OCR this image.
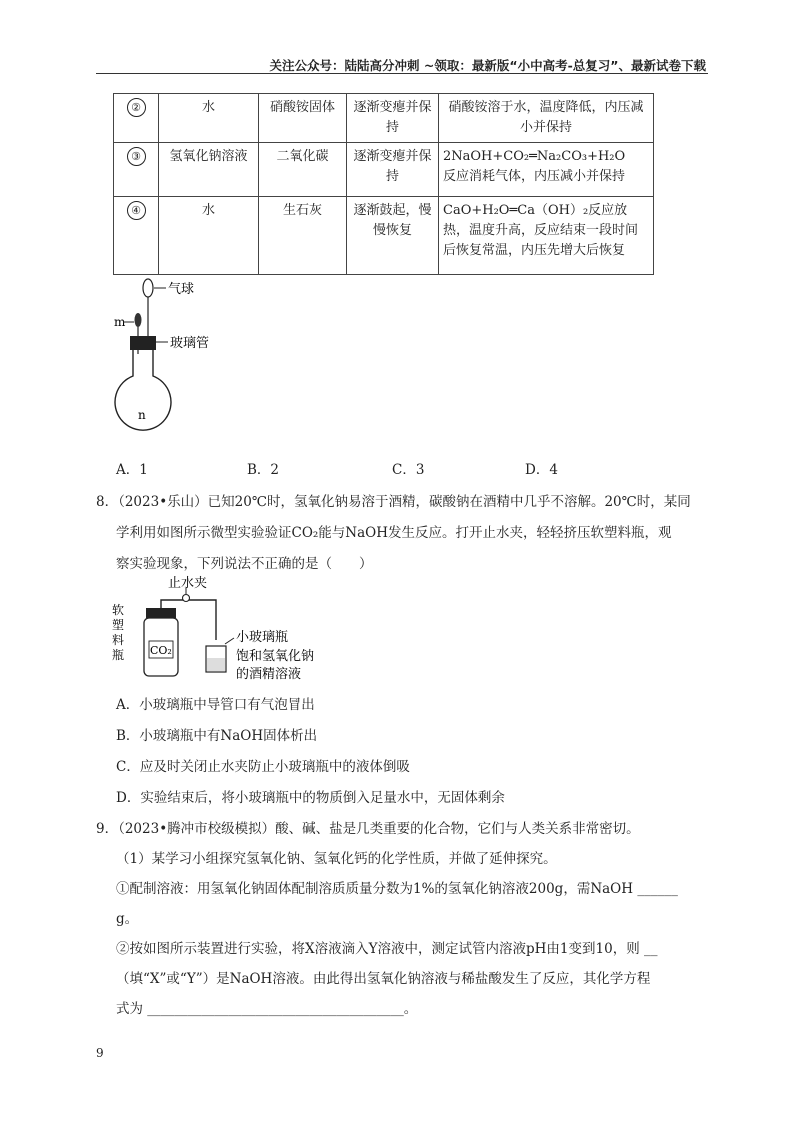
关注公众号：陆陆高分冲刺 ~领取：最新版“小中高考-总复习”、最新试卷下载
②	水	硝酸铵固体	逐渐变瘪并保持	硝酸铵溶于水，温度降低，内压减小并保持
③	氢氧化钠溶液	二氧化碳	逐渐变瘪并保持	2NaOH+CO₂═Na₂CO₃+H₂O
反应消耗气体，内压减小并保持

④	水	生石灰	逐渐鼓起，慢慢恢复	CaO+H₂O═Ca（OH）₂反应放热，温度升高，反应结束一段时间后恢复常温，内压先增大后恢复
气球
m
玻璃管
n
A．1	B．2	C．3	D．4
8．（2023•乐山）已知20℃时，氢氧化钠易溶于酒精，碳酸钠在酒精中几乎不溶解。20℃时，某同
学利用如图所示微型实验验证CO₂能与NaOH发生反应。打开止水夹，轻轻挤压软塑料瓶，观
察实验现象，下列说法不正确的是（　　）
止水夹
软
塑
料
瓶 CO₂
小玻璃瓶
饱和氢氧化钠
的酒精溶液
A．小玻璃瓶中导管口有气泡冒出
B．小玻璃瓶中有NaOH固体析出
C．应及时关闭止水夹防止小玻璃瓶中的液体倒吸
D．实验结束后，将小玻璃瓶中的物质倒入足量水中，无固体剩余
9．（2023•腾冲市校级模拟）酸、碱、盐是几类重要的化合物，它们与人类关系非常密切。
（1）某学习小组探究氢氧化钠、氢氧化钙的化学性质，并做了延伸探究。
①配制溶液：用氢氧化钠固体配制溶质质量分数为1%的氢氧化钠溶液200g，需NaOH ______
g。
②按如图所示装置进行实验，将X溶液滴入Y溶液中，测定试管内溶液pH由1变到10，则 __
（填“X”或“Y”）是NaOH溶液。由此得出氢氧化钠溶液与稀盐酸发生了反应，其化学方程
式为 ______________________________________。
9
